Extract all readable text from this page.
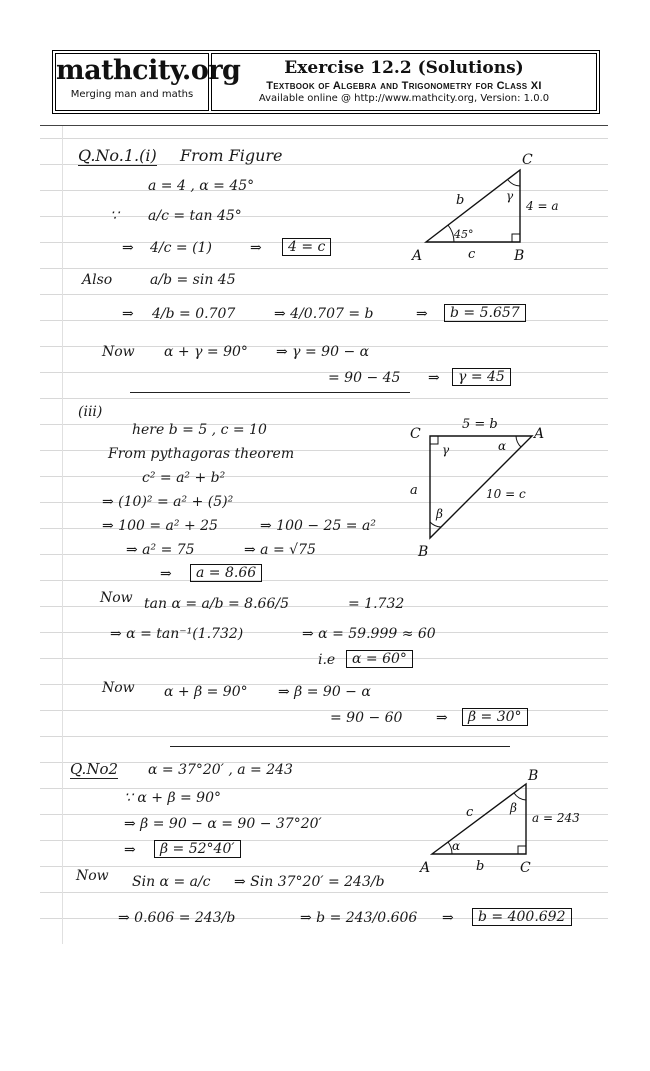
mathcity.org
Merging man and maths
Exercise 12.2 (Solutions)
Textbook of Algebra and Trigonometry for Class XI
Available online @ http://www.mathcity.org, Version: 1.0.0
Q.No.1.(i) From Figure
a = 4 , α = 45°
∵ a/c = tan 45°
⇒ 4/c = (1)	⇒	4 = c
Also	a/b = sin 45
⇒ 4/b = 0.707	⇒ 4/0.707 = b	⇒	b = 5.657
Now α + γ = 90° ⇒ γ = 90 − α
= 90 − 45 ⇒	γ = 45
C
A	B
b
c
γ
45°
4 = a
(iii)
here b = 5 , c = 10
From pythagoras theorem
c² = a² + b²
⇒ (10)² = a² + (5)²
⇒ 100 = a² + 25	⇒ 100 − 25 = a²
⇒ a² = 75	⇒ a = √75
⇒	a = 8.66
Now tan α = a/b = 8.66/5	= 1.732
⇒ α = tan⁻¹(1.732)	⇒ α = 59.999 ≈ 60
i.e	α = 60°
Now α + β = 90° ⇒ β = 90 − α
= 90 − 60 ⇒	β = 30°
C	A
B
5 = b
a	10 = c
γ	α
β
Q.No2 α = 37°20′ , a = 243
∵ α + β = 90°
⇒ β = 90 − α = 90 − 37°20′
⇒	β = 52°40′
Now Sin α = a/c ⇒ Sin 37°20′ = 243/b
⇒ 0.606 = 243/b	⇒ b = 243/0.606 ⇒	b = 400.692
B
A	C
c
b
α
β
a = 243
